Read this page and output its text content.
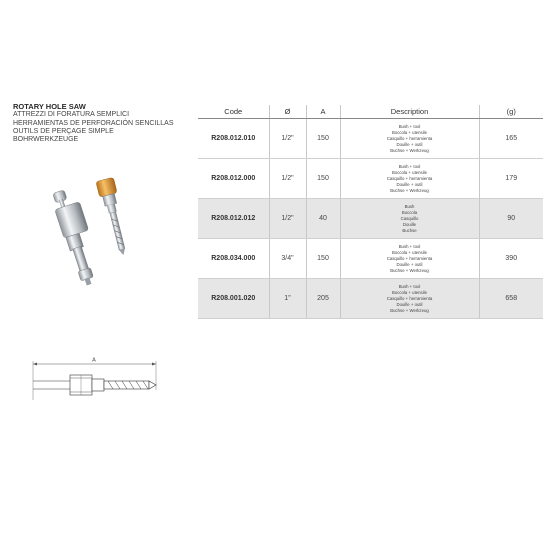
ROTARY HOLE SAW
ATTREZZI DI FORATURA SEMPLICI
HERRAMIENTAS DE PERFORACIÓN SENCILLAS
OUTILS DE PERÇAGE SIMPLE
BOHRWERKZEUGE
A
Code	Ø	A	Description	(g)
R208.012.010	1/2"	150	Bush + tool
Boccola + utensile
Casquillo + herramienta
Douille + outil
Buchse + Werkzeug	165
R208.012.000	1/2"	150	Bush + tool
Boccola + utensile
Casquillo + herramienta
Douille + outil
Buchse + Werkzeug	179
R208.012.012	1/2"	40	Bush
Boccola
Casquillo
Douille
Buchse	90
R208.034.000	3/4"	150	Bush + tool
Boccola + utensile
Casquillo + herramienta
Douille + outil
Buchse + Werkzeug	390
R208.001.020	1"	205	Bush + tool
Boccola + utensile
Casquillo + herramienta
Douille + outil
Buchse + Werkzeug	658
